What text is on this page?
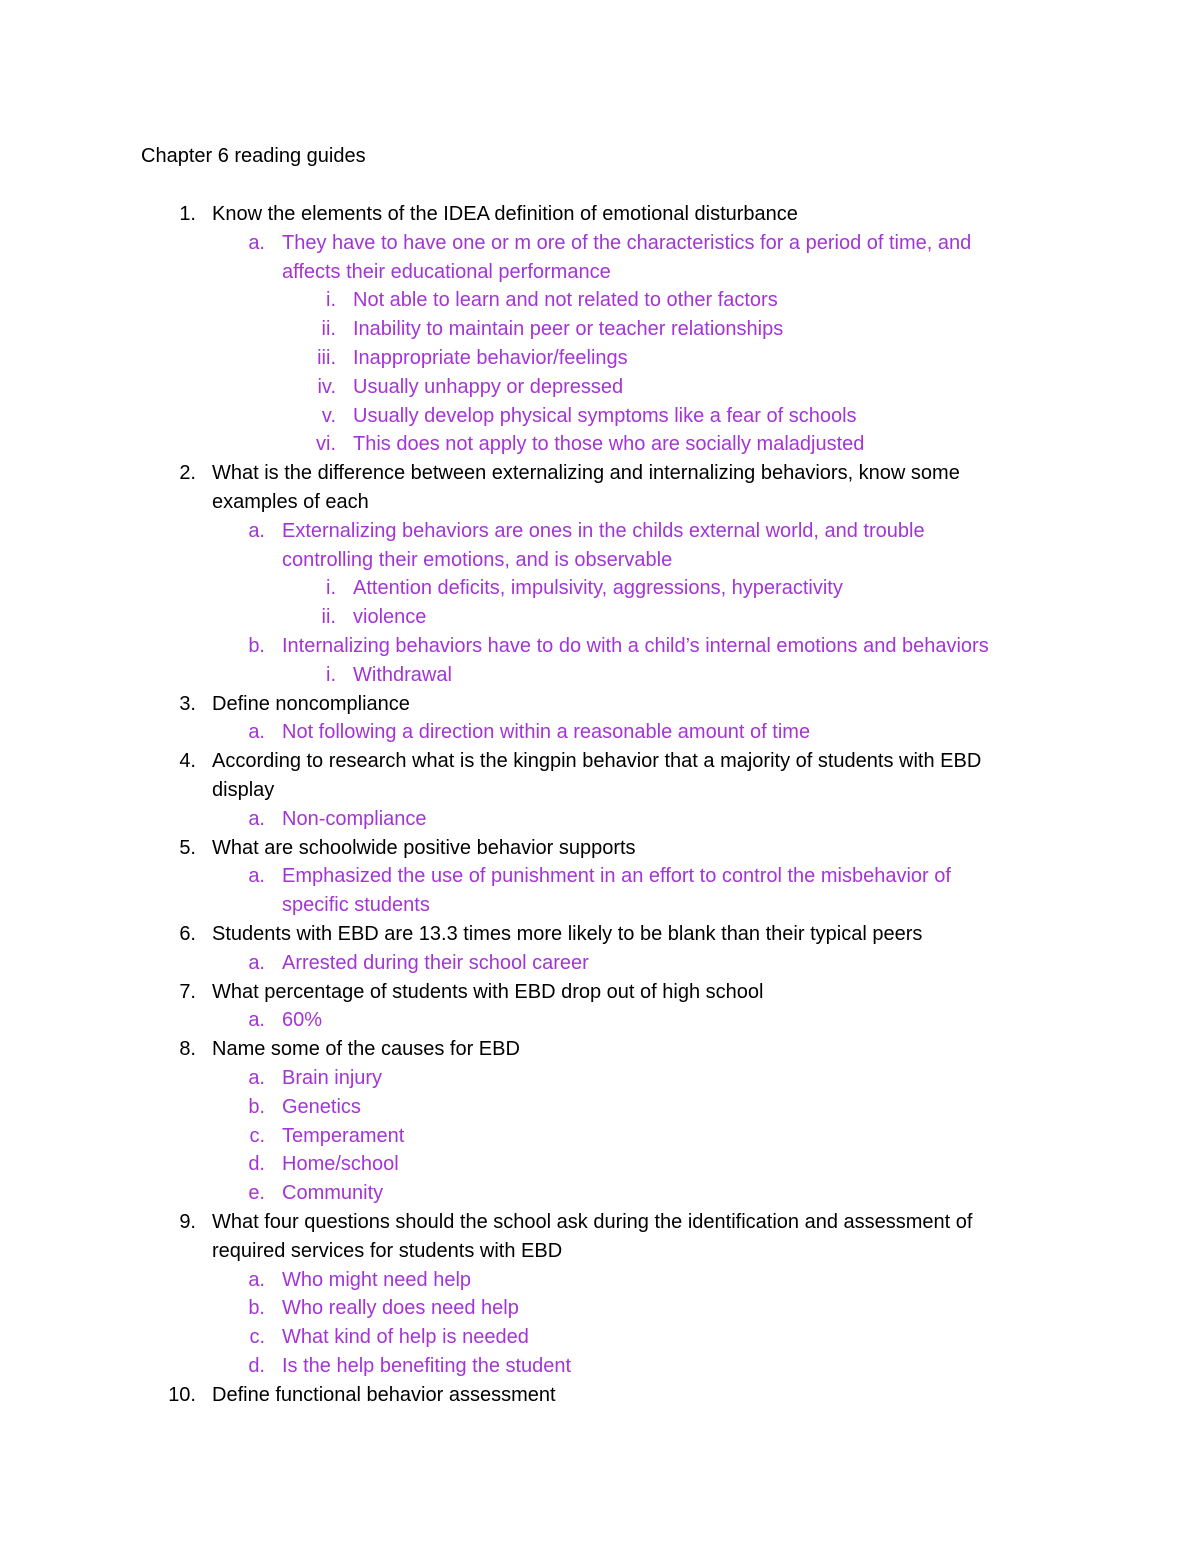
Chapter 6 reading guides
1. Know the elements of the IDEA definition of emotional disturbance
a. They have to have one or m ore of the characteristics for a period of time, and
affects their educational performance
i. Not able to learn and not related to other factors
ii. Inability to maintain peer or teacher relationships
iii. Inappropriate behavior/feelings
iv. Usually unhappy or depressed
v. Usually develop physical symptoms like a fear of schools
vi. This does not apply to those who are socially maladjusted
2. What is the difference between externalizing and internalizing behaviors, know some
examples of each
a. Externalizing behaviors are ones in the childs external world, and trouble
controlling their emotions, and is observable
i. Attention deficits, impulsivity, aggressions, hyperactivity
ii. violence
b. Internalizing behaviors have to do with a child’s internal emotions and behaviors
i. Withdrawal
3. Define noncompliance
a. Not following a direction within a reasonable amount of time
4. According to research what is the kingpin behavior that a majority of students with EBD
display
a. Non-compliance
5. What are schoolwide positive behavior supports
a. Emphasized the use of punishment in an effort to control the misbehavior of
specific students
6. Students with EBD are 13.3 times more likely to be blank than their typical peers
a. Arrested during their school career
7. What percentage of students with EBD drop out of high school
a. 60%
8. Name some of the causes for EBD
a. Brain injury
b. Genetics
c. Temperament
d. Home/school
e. Community
9. What four questions should the school ask during the identification and assessment of
required services for students with EBD
a. Who might need help
b. Who really does need help
c. What kind of help is needed
d. Is the help benefiting the student
10. Define functional behavior assessment
